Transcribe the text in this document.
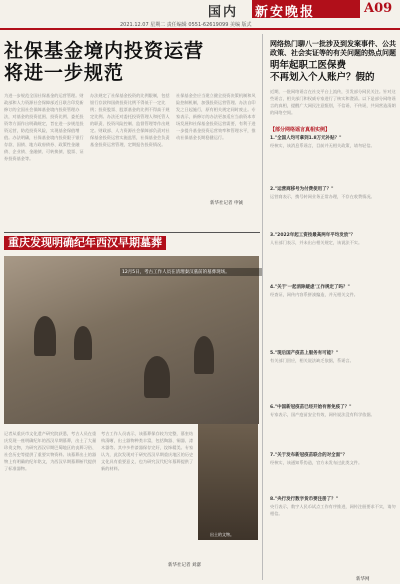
国内 新安晚报	A09
2021.12.07 星期二 责任编辑 0551-62619099 美编 版式
社保基金境内投资运营
将进一步规范
为进一步规范全国社保基金的运营管理。财政部和人力资源社会保障部近日联合印发新修订的全国社会保障基金境内投资管理办法，对基金的投资范围、投资比例、委托投资等方面作出明确规定，旨在进一步规范投资运营，防范投资风险，实现基金保值增值。办法明确，社保基金境内投资限于银行存款、国债、地方政府债券、政策性金融债、企业债、金融债、可转换债、股票、证券投资基金等。
办法规定了社保基金投资的比例限制，包括银行存款和国债投资比例不得低于一定比例；投资股票、股票基金的比例不得高于规定比例。办法还对委托投资管理人和托管人的职责、投资风险控制、监督管理等作出规定。财政部、人力资源社会保障部负责对社保基金投资运营实施监管，社保基金会负责基金投资运营管理，定期报告投资情况。
社保基金会应当建立健全投资决策机制和风险控制机制，加强投资运营管理。办法自印发之日起施行，原有相关规定同时废止。专家表示，新修订的办法更加适应当前资本市场发展和社保基金投资运营需要，有利于进一步提升基金投资运营效率和管理水平，推动社保基金长期稳健运行。
新华社记者 申铖
重庆发现明确纪年西汉早期墓葬
12月5日，考古工作人员在清理秦汉墓前的墓葬现场。
记者从重庆市文化遗产研究院获悉，考古人员在重庆发现一座明确纪年的西汉早期墓葬，出土了大量珍贵文物，为研究西汉早期巴蜀地区的丧葬习俗、社会历史等提供了重要实物资料。该墓葬出土的器物上有明确的纪年铭文，为西汉早期墓葬断代提供了标准器物。
考古工作人员表示，该墓葬保存较为完整，墓室结构清晰，出土器物种类丰富，包括陶器、铜器、漆木器等。其中多件漆器保存完好，纹饰精美。专家认为，此次发现对于研究西汉早期重庆地区的历史文化具有重要意义，也为研究汉代纪年墓葬提供了新的材料。
出土的文物。
新华社记者 刘潺
网络热门聊八一批涉及到发案事件、公共政策、社会实证等的有关问题的热点问题
明年起职工医保费
不再划入个人账户？假的
近期，一批网络谣言在社交平台上流传，引发部分网民关注。针对这些谣言，相关部门和权威专家进行了核实和澄清。以下是部分网络谣言的真相，提醒广大网民注意甄别，不信谣、不传谣，共同营造清朗的网络空间。
【部分网络谣言真相实例】
1."全国人均可拿到1.8万元补贴？"
经核实，该消息系谣言，目前并无相关政策，请勿轻信。
2."运营商移号为付费使用了？"
运营商表示，携号转网业务正常办理，不存在收费情况。
3."2022年起工资按最高两年平均发放"？
人社部门表示，并未出台相关规定，该说法不实。
4."关于'一起消除疑虑'工作规定了吗？"
经查证，网传内容系拼凑编造，并无相关文件。
5."现后国产疫苗上服务有可能？"
有关部门回应，相关说法缺乏依据，系谣言。
6."中国新冠疫苗已经开始有害免疫了？"
专家表示，国产疫苗安全有效，网传说法没有科学依据。
7."关于发布新冠疫苗联合的对全面"？
经核实，该通知系伪造，官方未发布过此类文件。
8."央行发行数字货币要注册了？"
央行表示，数字人民币试点工作有序推进，网传注册要求不实，请勿相信。
新华网
